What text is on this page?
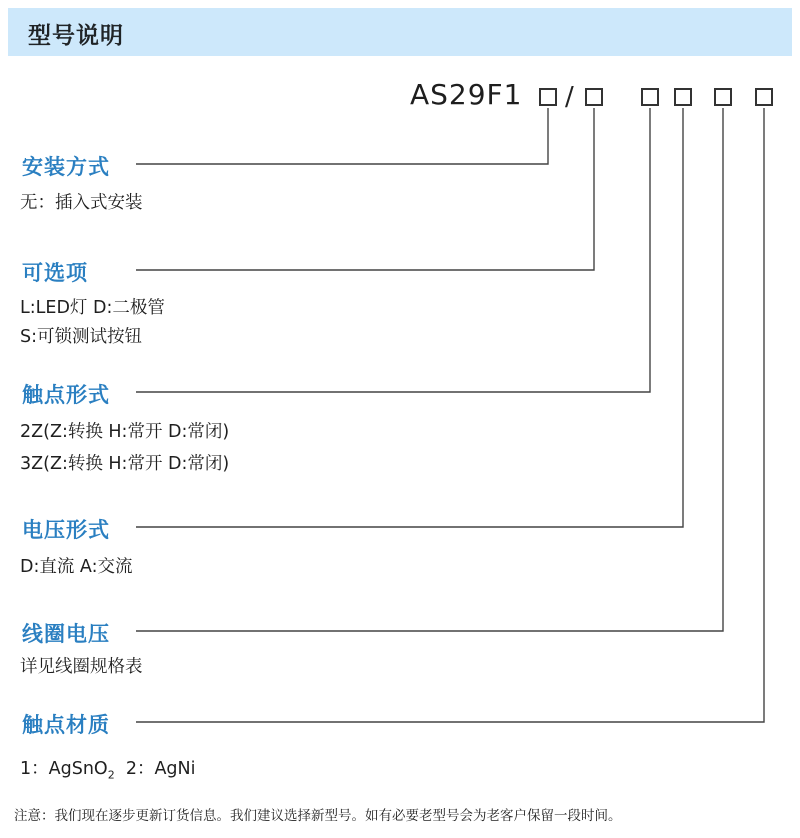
型号说明
AS29F1 /
安装方式
无：插入式安装
可选项
L:LED灯 D:二极管
S:可锁测试按钮
触点形式
2Z(Z:转换 H:常开 D:常闭)
3Z(Z:转换 H:常开 D:常闭)
电压形式
D:直流 A:交流
线圈电压
详见线圈规格表
触点材质
1：AgSnO$_2$  2：AgNi
注意：我们现在逐步更新订货信息。我们建议选择新型号。如有必要老型号会为老客户保留一段时间。
